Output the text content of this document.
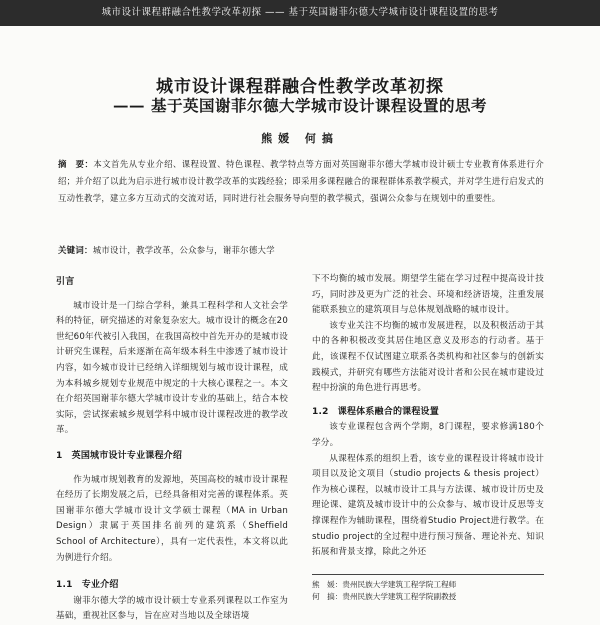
城市设计课程群融合性教学改革初探 —— 基于英国谢菲尔德大学城市设计课程设置的思考
城市设计课程群融合性教学改革初探
—— 基于英国谢菲尔德大学城市设计课程设置的思考
熊媛 何搞
摘　要：本文首先从专业介绍、课程设置、特色课程、教学特点等方面对英国谢菲尔德大学城市设计硕士专业教育体系进行介绍；并介绍了以此为启示进行城市设计教学改革的实践经验；即采用多课程融合的课程群体系教学模式，并对学生进行启发式的互动性教学，建立多方互动式的交流对话，同时进行社会服务导向型的教学模式，强调公众参与在规划中的重要性。
关键词：城市设计，教学改革，公众参与，谢菲尔德大学

引言

城市设计是一门综合学科，兼具工程科学和人文社会学科的特征，研究描述的对象复杂宏大。城市设计的概念在20世纪60年代被引入我国，在我国高校中首先开办的是城市设计研究生课程，后来逐渐在高年级本科生中渗透了城市设计内容，如今城市设计已经纳入详细规划与城市设计课程，成为本科城乡规划专业规范中规定的十大核心课程之一。本文在介绍英国谢菲尔德大学城市设计专业的基础上，结合本校实际，尝试探索城乡规划学科中城市设计课程改进的教学改革。

1　英国城市设计专业课程介绍

作为城市规划教育的发源地，英国高校的城市设计课程在经历了长期发展之后，已经具备相对完善的课程体系。英国谢菲尔德大学城市设计文学硕士课程（MA in Urban Design）隶属于英国排名前列的建筑系（Sheffield School of Architecture），具有一定代表性，本文将以此为例进行介绍。

1.1　专业介绍

谢菲尔德大学的城市设计硕士专业系列课程以工作室为基础，重视社区参与，旨在应对当地以及全球语境

下不均衡的城市发展。期望学生能在学习过程中提高设计技巧，同时涉及更为广泛的社会、环境和经济语境，注重发展能联系独立的建筑项目与总体规划战略的城市设计。

该专业关注不均衡的城市发展进程，以及积极活动于其中的各种积极改变其居住地区意义及形态的行动者。基于此，该课程不仅试图建立联系各类机构和社区参与的创新实践模式，并研究有哪些方法能对设计者和公民在城市建设过程中扮演的角色进行再思考。

1.2　课程体系融合的课程设置

该专业课程包含两个学期，8门课程，要求修满180个学分。

从课程体系的组织上看，该专业的课程设计将城市设计项目以及论文项目（studio projects & thesis project）作为核心课程，以城市设计工具与方法课、城市设计历史及理论课、建筑及城市设计中的公众参与、城市设计反思等支撑课程作为辅助课程，围绕着Studio Project进行教学。在studio project的全过程中进行预习预备、理论补充、知识拓展和背景支撑，除此之外还

熊　媛：贵州民族大学建筑工程学院工程师
何　搞：贵州民族大学建筑工程学院副教授
